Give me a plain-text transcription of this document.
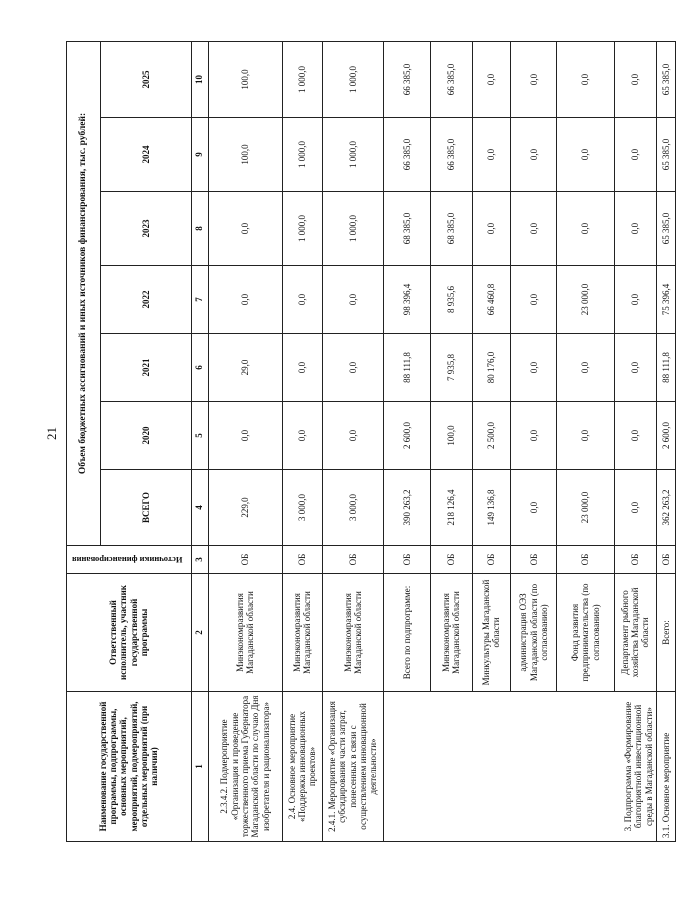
21
Наименование государственной программы, подпрограммы, основных мероприятий, мероприятий, подмероприятий, отдельных мероприятий (при наличии)	Ответственный исполнитель, участник государственной программы	Источники финансирования	Объем бюджетных ассигнований и иных источников финансирования, тыс. рублей:						
			ВСЕГО	2020	2021	2022	2023	2024	2025
1	2	3	4	5	6	7	8	9	10
2.3.4.2. Подмероприятие «Организация и проведение торжественного приема Губернатора Магаданской области по случаю Дня изобретателя и рационализатора»	Минэкономразвития Магаданской области	ОБ	229,0	0,0	29,0	0,0	0,0	100,0	100,0
2.4. Основное мероприятие «Поддержка инновационных проектов»	Минэкономразвития Магаданской области	ОБ	3 000,0	0,0	0,0	0,0	1 000,0	1 000,0	1 000,0
2.4.1. Мероприятие «Организация субсидирования части затрат, понесенных в связи с осуществлением инновационной деятельности»	Минэкономразвития Магаданской области	ОБ	3 000,0	0,0	0,0	0,0	1 000,0	1 000,0	1 000,0

3. Подпрограмма «Формирование благоприятной инвестиционной среды в Магаданской области»	Всего по подпрограмме:	ОБ	390 263,2	2 600,0	88 111,8	98 396,4	68 385,0	66 385,0	66 385,0
	Минэкономразвития Магаданской области	ОБ	218 126,4	100,0	7 935,8	8 935,6	68 385,0	66 385,0	66 385,0
	Минкультуры Магаданской области	ОБ	149 136,8	2 500,0	80 176,0	66 460,8	0,0	0,0	0,0
	администрация ОЭЗ Магаданской области (по согласованию)	ОБ	0,0	0,0	0,0	0,0	0,0	0,0	0,0
	Фонд развития предпринимательства (по согласованию)	ОБ	23 000,0	0,0	0,0	23 000,0	0,0	0,0	0,0
	Департамент рыбного хозяйства Магаданской области	ОБ	0,0	0,0	0,0	0,0	0,0	0,0	0,0
3.1. Основное мероприятие	Всего:	ОБ	362 263,2	2 600,0	88 111,8	75 396,4	65 385,0	65 385,0	65 385,0
